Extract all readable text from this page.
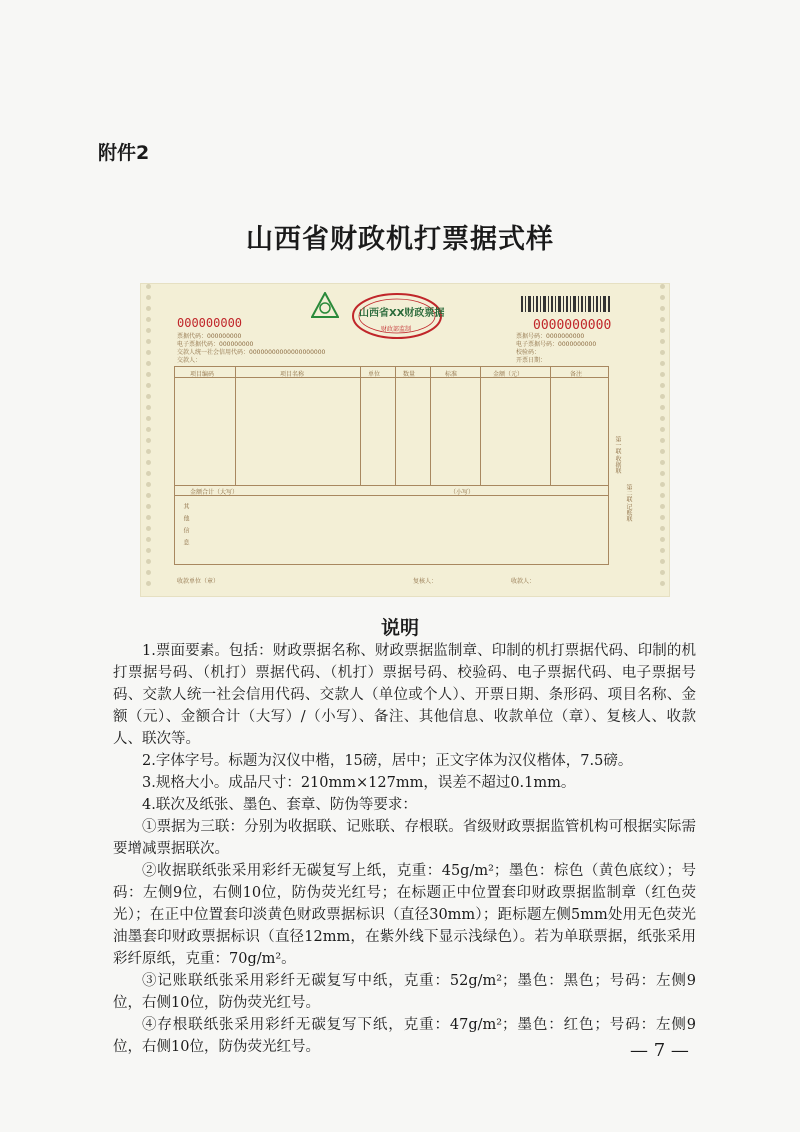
附件2
山西省财政机打票据式样
山西省XX财政票据
财政部监制
000000000	0000000000
票据代码：000000000
电子票据代码：000000000
交款人统一社会信用代码：00000000000000000000
交款人：
票据号码：0000000000
电子票据号码：0000000000
校验码：
开票日期：
项目编码	项目名称	单位	数量	标准	金额（元）	备注
金额合计（大写）	（小写）
其他信息
收款单位（章）	复核人：	收款人：
第一联 收据联
第二联 记账联
说明

1.票面要素。包括：财政票据名称、财政票据监制章、印制的机打票据代码、印制的机打票据号码、（机打）票据代码、（机打）票据号码、校验码、电子票据代码、电子票据号码、交款人统一社会信用代码、交款人（单位或个人）、开票日期、条形码、项目名称、金额（元）、金额合计（大写）/（小写）、备注、其他信息、收款单位（章）、复核人、收款人、联次等。

2.字体字号。标题为汉仪中楷，15磅，居中；正文字体为汉仪楷体，7.5磅。

3.规格大小。成品尺寸：210mm×127mm，误差不超过0.1mm。

4.联次及纸张、墨色、套章、防伪等要求：

①票据为三联：分别为收据联、记账联、存根联。省级财政票据监管机构可根据实际需要增减票据联次。

②收据联纸张采用彩纤无碳复写上纸，克重：45g/m²；墨色：棕色（黄色底纹）；号码：左侧9位，右侧10位，防伪荧光红号；在标题正中位置套印财政票据监制章（红色荧光）；在正中位置套印淡黄色财政票据标识（直径30mm）；距标题左侧5mm处用无色荧光油墨套印财政票据标识（直径12mm，在紫外线下显示浅绿色）。若为单联票据，纸张采用彩纤原纸，克重：70g/m²。

③记账联纸张采用彩纤无碳复写中纸，克重：52g/m²；墨色：黑色；号码：左侧9位，右侧10位，防伪荧光红号。

④存根联纸张采用彩纤无碳复写下纸，克重：47g/m²；墨色：红色；号码：左侧9位，右侧10位，防伪荧光红号。	— 7 —
